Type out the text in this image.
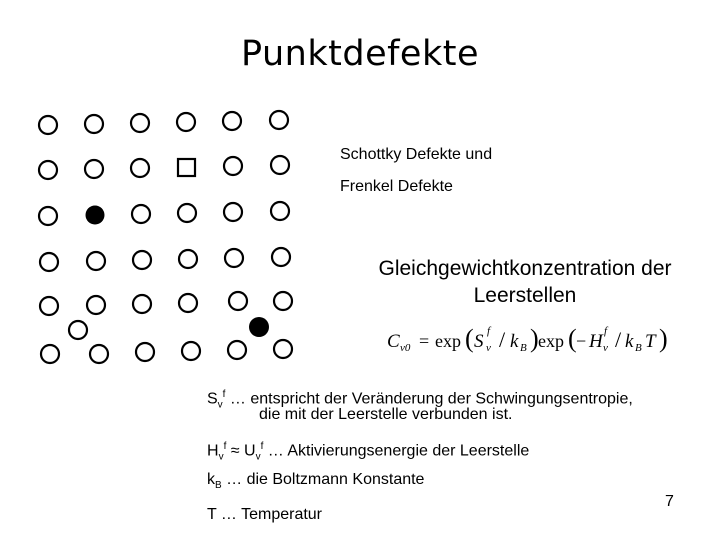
Punktdefekte
Schottky Defekte und
Frenkel Defekte
Gleichgewichtkonzentration der
Leerstellen
C v0 = exp ( S v
f / k B ) exp ( − H v
f / k B T )
$S_v^f$ … entspricht der Veränderung der Schwingungsentropie,
die mit der Leerstelle verbunden ist.
$H_v^f \approx U_v^f$ … Aktivierungsenergie der Leerstelle
$k_B$ … die Boltzmann Konstante
T … Temperatur
7
